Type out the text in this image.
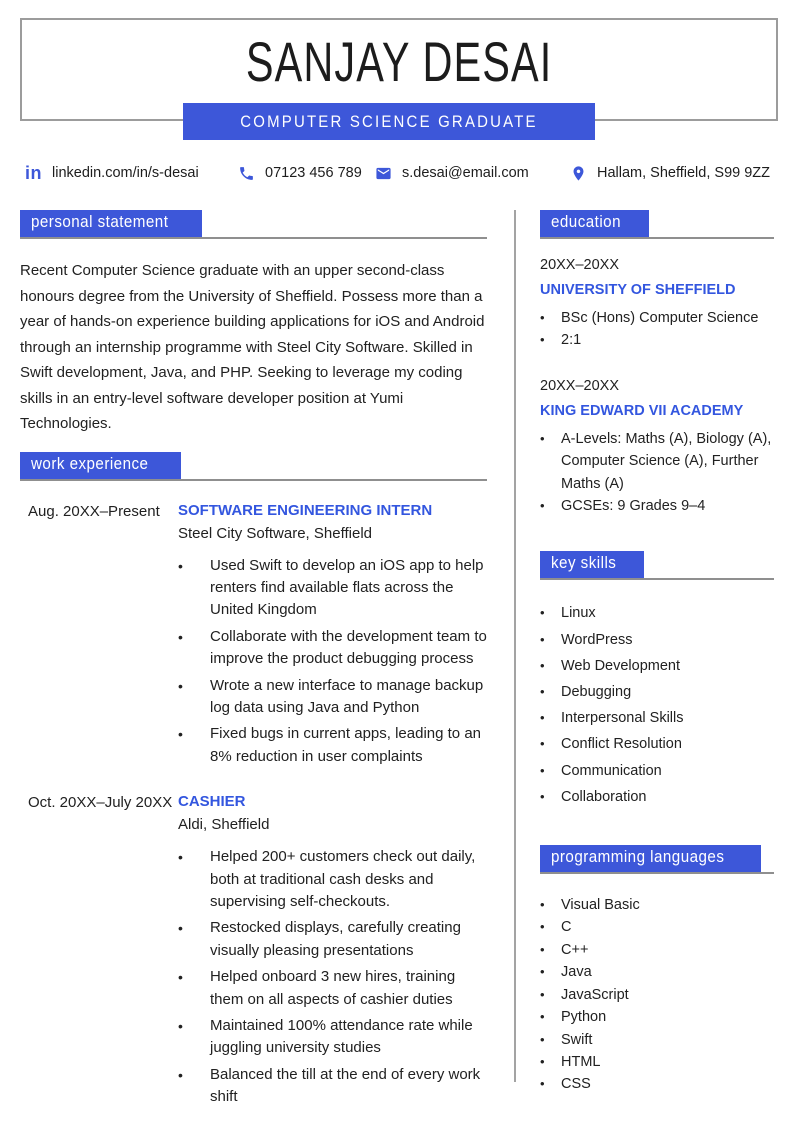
SANJAY DESAI
COMPUTER SCIENCE GRADUATE
in linkedin.com/in/s-desai	07123 456 789	s.desai@email.com	Hallam, Sheffield, S99 9ZZ
personal statement

Recent Computer Science graduate with an upper second-class honours degree from the University of Sheffield. Possess more than a year of hands-on experience building applications for iOS and Android through an internship programme with Steel City Software. Skilled in Swift development, Java, and PHP. Seeking to leverage my coding skills in an entry-level software developer position at Yumi Technologies.

work experience
Aug. 20XX–Present	SOFTWARE ENGINEERING INTERN
Steel City Software, Sheffield
•
Used Swift to develop an iOS app to help renters find available flats across the United Kingdom
•
Collaborate with the development team to improve the product debugging process
•
Wrote a new interface to manage backup log data using Java and Python
•
Fixed bugs in current apps, leading to an 8% reduction in user complaints
Oct. 20XX–July 20XX CASHIER
Aldi, Sheffield
•
Helped 200+ customers check out daily, both at traditional cash desks and supervising self-checkouts.
•
Restocked displays, carefully creating visually pleasing presentations
•
Helped onboard 3 new hires, training them on all aspects of cashier duties
•
Maintained 100% attendance rate while juggling university studies
•
Balanced the till at the end of every work shift
education
20XX–20XX
UNIVERSITY OF SHEFFIELD
•
BSc (Hons) Computer Science
•
2:1
20XX–20XX
KING EDWARD VII ACADEMY
•
A-Levels: Maths (A), Biology (A), Computer Science (A), Further Maths (A)
•
GCSEs: 9 Grades 9–4
key skills
•
Linux
•
WordPress
•
Web Development
•
Debugging
•
Interpersonal Skills
•
Conflict Resolution
•
Communication
•
Collaboration
programming languages
•
Visual Basic
•
C
•
C++
•
Java
•
JavaScript
•
Python
•
Swift
•
HTML
•
CSS
